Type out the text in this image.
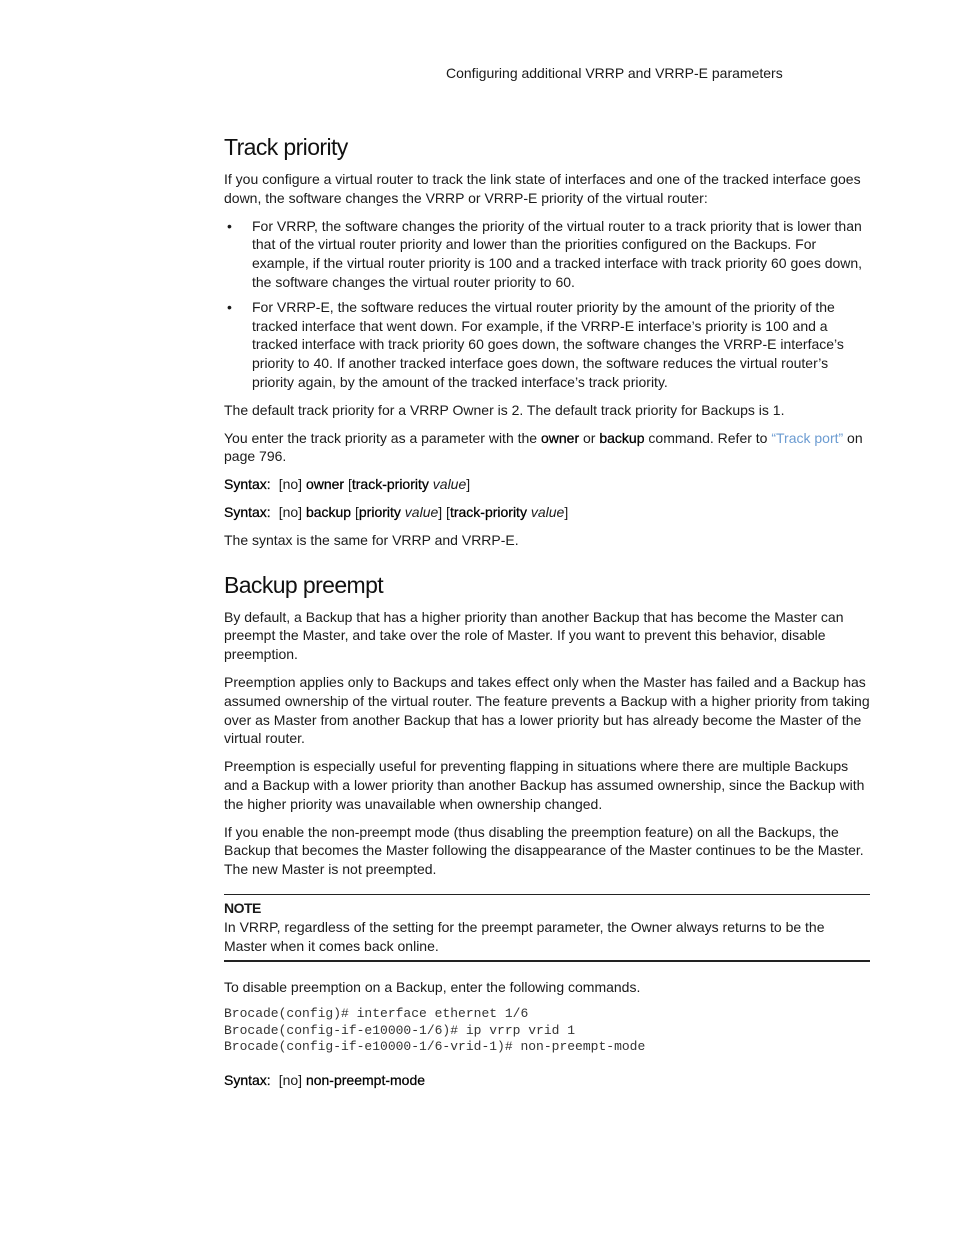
Configuring additional VRRP and VRRP-E parameters
Track priority

If you configure a virtual router to track the link state of interfaces and one of the tracked interface goes down, the software changes the VRRP or VRRP-E priority of the virtual router:

• For VRRP, the software changes the priority of the virtual router to a track priority that is lower than that of the virtual router priority and lower than the priorities configured on the Backups. For example, if the virtual router priority is 100 and a tracked interface with track priority 60 goes down, the software changes the virtual router priority to 60.
• For VRRP-E, the software reduces the virtual router priority by the amount of the priority of the tracked interface that went down. For example, if the VRRP-E interface’s priority is 100 and a tracked interface with track priority 60 goes down, the software changes the VRRP-E interface’s priority to 40. If another tracked interface goes down, the software reduces the virtual router’s priority again, by the amount of the tracked interface’s track priority.

The default track priority for a VRRP Owner is 2. The default track priority for Backups is 1.

You enter the track priority as a parameter with the owner or backup command. Refer to “Track port” on page 796.

Syntax: [no] owner [track-priority value]

Syntax: [no] backup [priority value] [track-priority value]

The syntax is the same for VRRP and VRRP-E.

Backup preempt

By default, a Backup that has a higher priority than another Backup that has become the Master can preempt the Master, and take over the role of Master. If you want to prevent this behavior, disable preemption.

Preemption applies only to Backups and takes effect only when the Master has failed and a Backup has assumed ownership of the virtual router. The feature prevents a Backup with a higher priority from taking over as Master from another Backup that has a lower priority but has already become the Master of the virtual router.

Preemption is especially useful for preventing flapping in situations where there are multiple Backups and a Backup with a lower priority than another Backup has assumed ownership, since the Backup with the higher priority was unavailable when ownership changed.

If you enable the non-preempt mode (thus disabling the preemption feature) on all the Backups, the Backup that becomes the Master following the disappearance of the Master continues to be the Master. The new Master is not preempted.

NOTE
In VRRP, regardless of the setting for the preempt parameter, the Owner always returns to be the Master when it comes back online.

To disable preemption on a Backup, enter the following commands.

Brocade(config)# interface ethernet 1/6
Brocade(config-if-e10000-1/6)# ip vrrp vrid 1
Brocade(config-if-e10000-1/6-vrid-1)# non-preempt-mode

Syntax: [no] non-preempt-mode
